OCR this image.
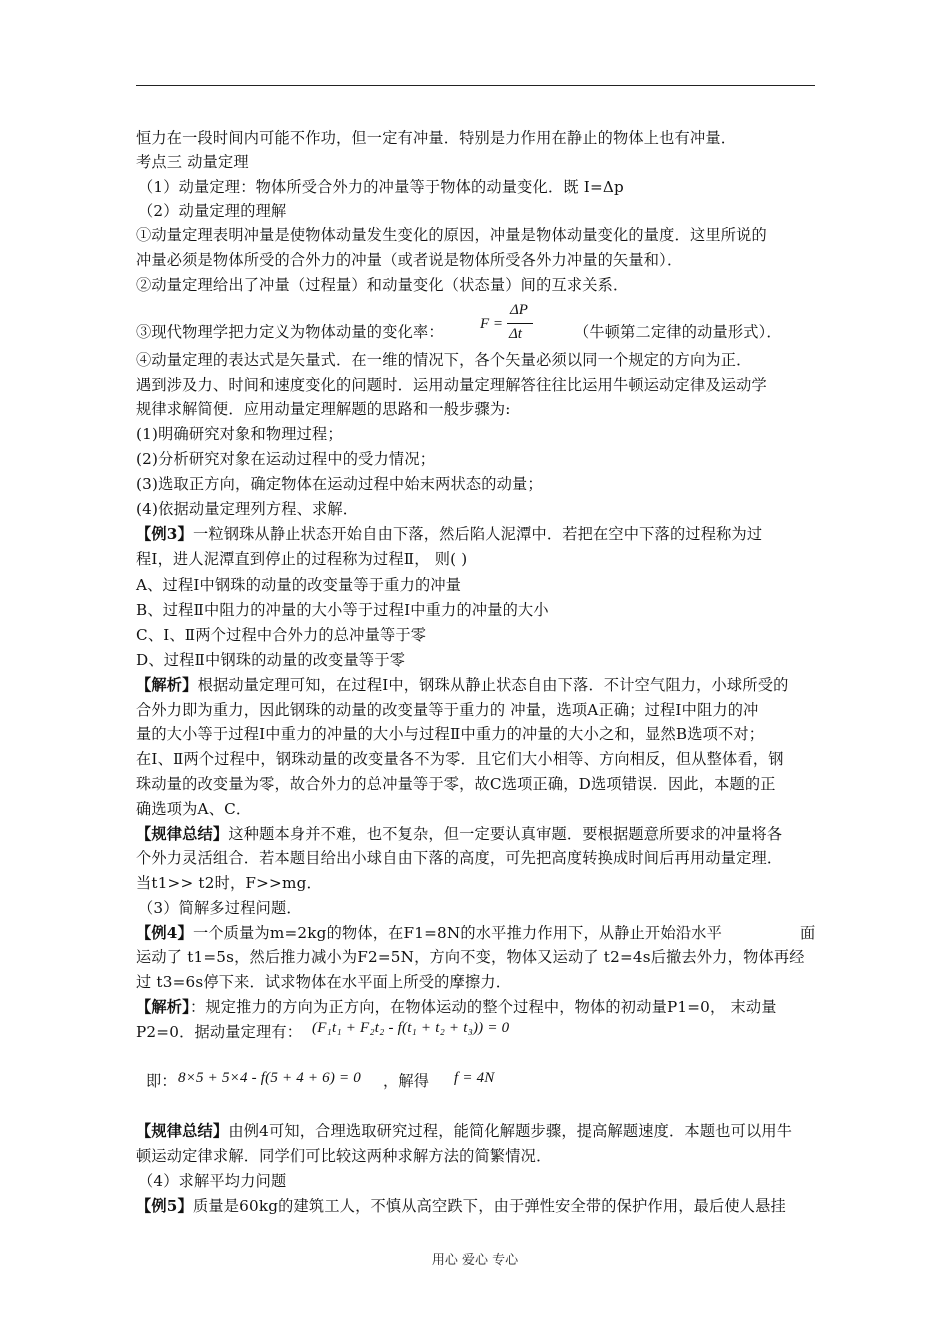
恒力在一段时间内可能不作功，但一定有冲量．特别是力作用在静止的物体上也有冲量．
考点三 动量定理
（1）动量定理：物体所受合外力的冲量等于物体的动量变化．既 I=Δp
（2）动量定理的理解
①动量定理表明冲量是使物体动量发生变化的原因，冲量是物体动量变化的量度．这里所说的
冲量必须是物体所受的合外力的冲量（或者说是物体所受各外力冲量的矢量和）．
②动量定理给出了冲量（过程量）和动量变化（状态量）间的互求关系．
③现代物理学把力定义为物体动量的变化率： F =
ΔP
Δt	（牛顿第二定律的动量形式）．
④动量定理的表达式是矢量式．在一维的情况下，各个矢量必须以同一个规定的方向为正．
遇到涉及力、时间和速度变化的问题时．运用动量定理解答往往比运用牛顿运动定律及运动学
规律求解简便．应用动量定理解题的思路和一般步骤为:
(1)明确研究对象和物理过程；
(2)分析研究对象在运动过程中的受力情况；
(3)选取正方向，确定物体在运动过程中始末两状态的动量；
(4)依据动量定理列方程、求解．
【例3】一粒钢珠从静止状态开始自由下落，然后陷人泥潭中．若把在空中下落的过程称为过
程Ⅰ，进人泥潭直到停止的过程称为过程Ⅱ， 则( )
A、过程Ⅰ中钢珠的动量的改变量等于重力的冲量
B、过程Ⅱ中阻力的冲量的大小等于过程Ⅰ中重力的冲量的大小
C、Ⅰ、Ⅱ两个过程中合外力的总冲量等于零
D、过程Ⅱ中钢珠的动量的改变量等于零
【解析】根据动量定理可知，在过程Ⅰ中，钢珠从静止状态自由下落．不计空气阻力，小球所受的
合外力即为重力，因此钢珠的动量的改变量等于重力的 冲量，选项A正确；过程Ⅰ中阻力的冲
量的大小等于过程Ⅰ中重力的冲量的大小与过程Ⅱ中重力的冲量的大小之和，显然B选项不对；
在Ⅰ、Ⅱ两个过程中，钢珠动量的改变量各不为零．且它们大小相等、方向相反，但从整体看，钢
珠动量的改变量为零，故合外力的总冲量等于零，故C选项正确，D选项错误．因此，本题的正
确选项为A、C．
【规律总结】这种题本身并不难，也不复杂，但一定要认真审题．要根据题意所要求的冲量将各
个外力灵活组合．若本题目给出小球自由下落的高度，可先把高度转换成时间后再用动量定理．
当t1>> t2时，F>>mg．
（3）简解多过程问题．
【例4】一个质量为m=2kg的物体，在F1=8N的水平推力作用下，从静止开始沿水平	面
运动了 t1=5s，然后推力减小为F2=5N，方向不变，物体又运动了 t2=4s后撤去外力，物体再经
过 t3=6s停下来．试求物体在水平面上所受的摩擦力．
【解析】：规定推力的方向为正方向，在物体运动的整个过程中，物体的初动量P1=0， 末动量
P2=0．据动量定理有： (F₁t₁ + F₂t₂ - f(t₁ + t₂ + t₃)) = 0
即： 8×5 + 5×4 - f(5 + 4 + 6) = 0 ，解得 f = 4N
【规律总结】由例4可知，合理选取研究过程，能简化解题步骤，提高解题速度．本题也可以用牛
顿运动定律求解．同学们可比较这两种求解方法的简繁情况．
（4）求解平均力问题
【例5】质量是60kg的建筑工人，不慎从高空跌下，由于弹性安全带的保护作用，最后使人悬挂
用心 爱心 专心
